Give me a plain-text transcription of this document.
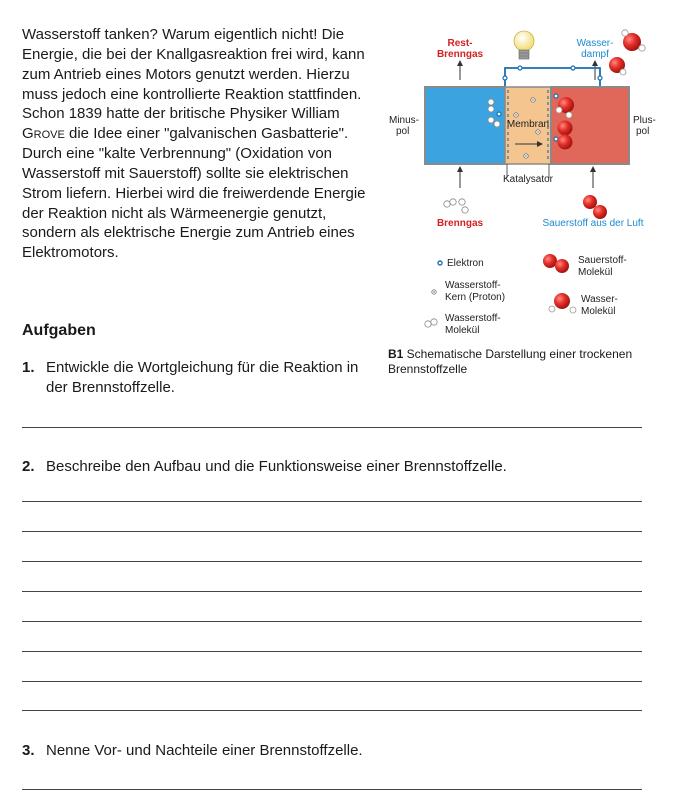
Wasserstoff tanken? Warum eigentlich nicht! Die
Energie, die bei der Knallgasreaktion frei wird, kann
zum Antrieb eines Motors genutzt werden. Hierzu
muss jedoch eine kontrollierte Reaktion stattfinden.
Schon 1839 hatte der britische Physiker William
Grove die Idee einer "galvanischen Gasbatterie".
Durch eine "kalte Verbrennung" (Oxidation von
Wasserstoff mit Sauerstoff) sollte sie elektrischen
Strom liefern. Hierbei wird die freiwerdende Energie
der Reaktion nicht als Wärmeenergie genutzt,
sondern als elektrische Energie zum Antrieb eines
Elektromotors.

Rest-
Brenngas
Wasser-
dampf
Membran
Minus-
pol
Plus-
pol
Katalysator
Brenngas	Sauerstoff aus der Luft
Elektron
Wasserstoff-
Kern (Proton)
Wasserstoff-
Molekül
Sauerstoff-
Molekül
Wasser-
Molekül

B1 Schematische Darstellung einer trockenen Brennstoffzelle

Aufgaben

1. Entwickle die Wortgleichung für die Reaktion in
der Brennstoffzelle.
2. Beschreibe den Aufbau und die Funktionsweise einer Brennstoffzelle.
3. Nenne Vor- und Nachteile einer Brennstoffzelle.
